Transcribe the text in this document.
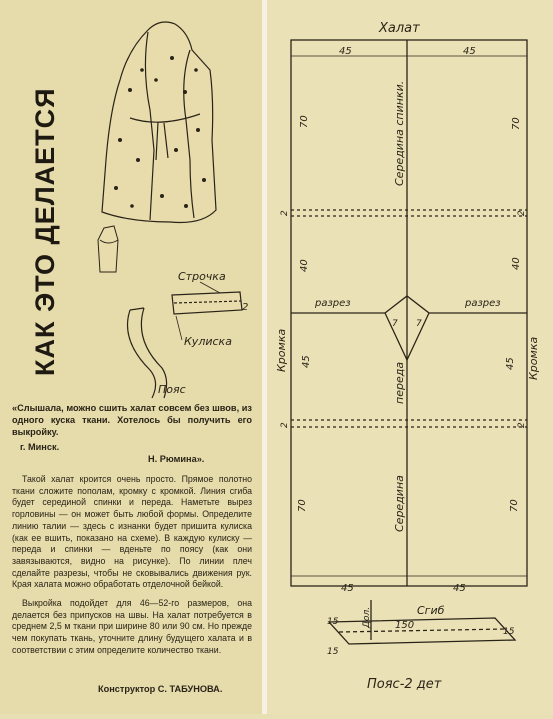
КАК ЭТО ДЕЛАЕТСЯ	Строчка
2
Кулиска
Пояс
«Слышала, можно сшить халат совсем без швов, из одного куска ткани. Хотелось бы получить его выкройку.
г. Минск.
Н. Рюмина».
Такой халат кроится очень просто. Прямое полотно ткани сложите пополам, кромку с кромкой. Линия сгиба будет серединой спинки и переда. Наметьте вырез горловины — он может быть любой формы. Определите линию талии — здесь с изнанки будет пришита кулиска (как ее вшить, показано на схеме). В каждую кулиску — переда и спинки — вденьте по поясу (как они завязываются, видно на рисунке). По линии плеч сделайте разрезы, чтобы не сковывались движения рук. Края халата можно обработать отделочной бейкой.
Выкройка подойдет для 46—52-го размеров, она делается без припусков на швы. На халат потребуется в среднем 2,5 м ткани при ширине 80 или 90 см. Но прежде чем покупать ткань, уточните длину будущего халата и в соответствии с этим определите количество ткани.
Конструктор С. ТАБУНОВА.
Халат
45	45
45	45
70	70
2	2
40	40
45	45
2	2
70	70
7 7
разрез	разрез
Кромка	Кромка
Середина спинки.
переда
Середина
Сгиб
Дол. 150
15
15
15
Пояс-2 дет
